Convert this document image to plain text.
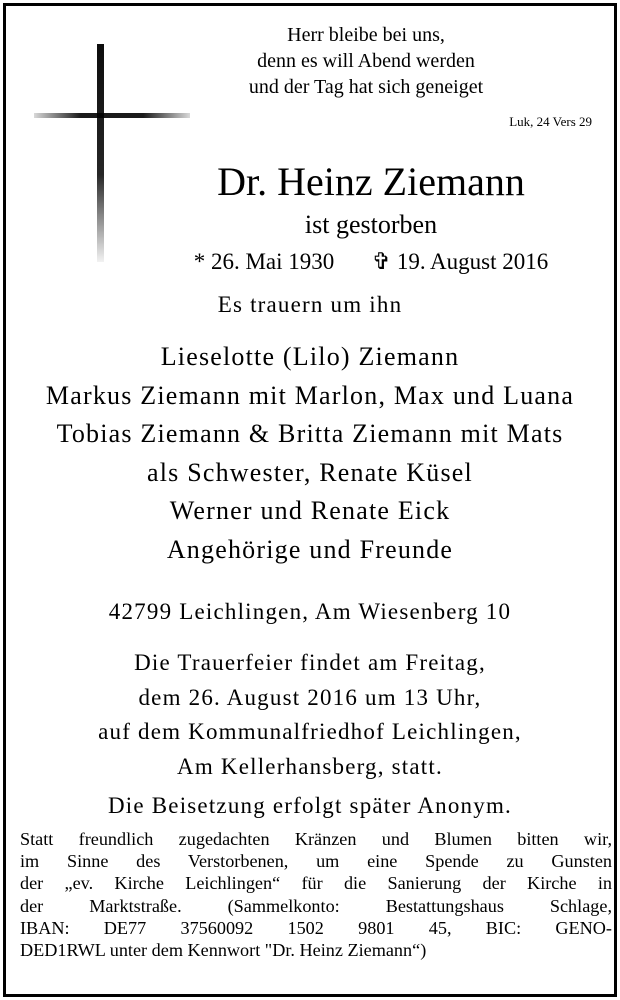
Herr bleibe bei uns,
denn es will Abend werden
und der Tag hat sich geneiget
Luk, 24 Vers 29
Dr. Heinz Ziemann
ist gestorben
* 26. Mai 1930 ✞ 19. August 2016
Es trauern um ihn
Lieselotte (Lilo) Ziemann
Markus Ziemann mit Marlon, Max und Luana
Tobias Ziemann & Britta Ziemann mit Mats
als Schwester, Renate Küsel
Werner und Renate Eick
Angehörige und Freunde
42799 Leichlingen, Am Wiesenberg 10
Die Trauerfeier findet am Freitag,
dem 26. August 2016 um 13 Uhr,
auf dem Kommunalfriedhof Leichlingen,
Am Kellerhansberg, statt.
Die Beisetzung erfolgt später Anonym.
Statt freundlich zugedachten Kränzen und Blumen bitten wir,
im Sinne des Verstorbenen, um eine Spende zu Gunsten
der „ev. Kirche Leichlingen“ für die Sanierung der Kirche in
der Marktstraße. (Sammelkonto: Bestattungshaus Schlage,
IBAN: DE77 37560092 1502 9801 45, BIC: GENO-
DED1RWL unter dem Kennwort "Dr. Heinz Ziemann“)
